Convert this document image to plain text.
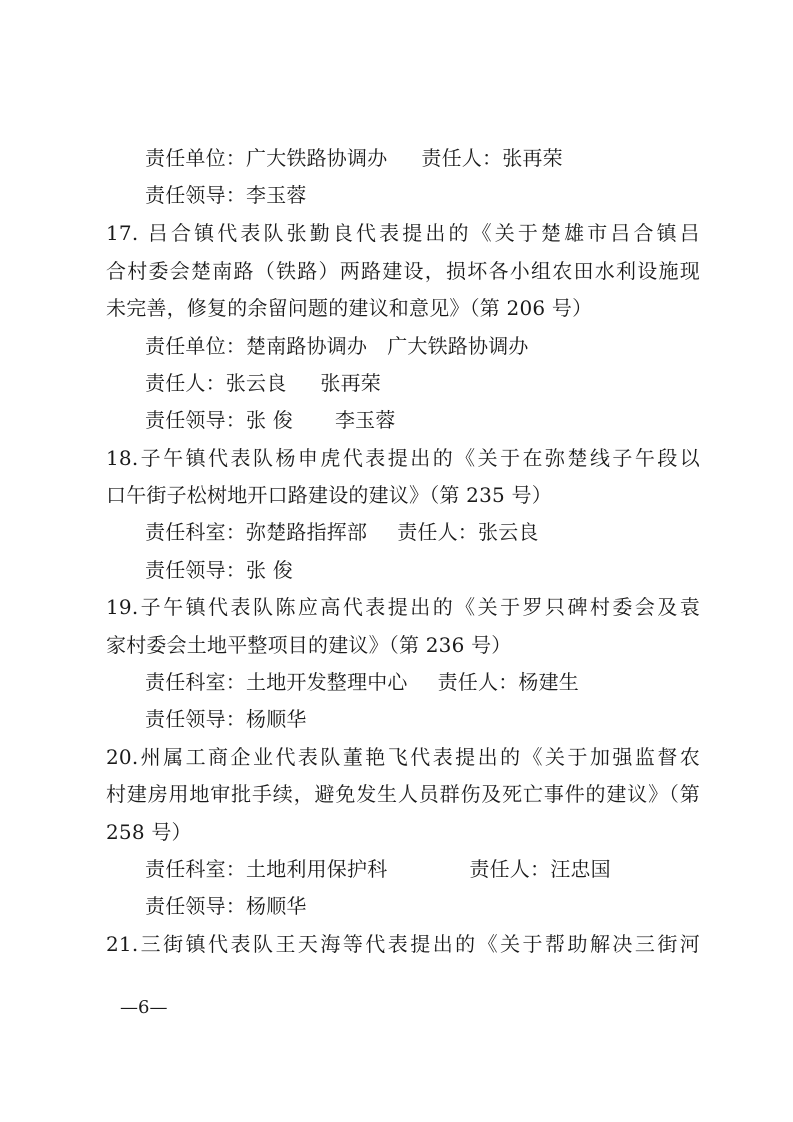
责任单位：广大铁路协调办 责任人：张再荣
责任领导：李玉蓉
17. 吕合镇代表队张勤良代表提出的《关于楚雄市吕合镇吕
合村委会楚南路（铁路）两路建设，损坏各小组农田水利设施现
未完善，修复的余留问题的建议和意见》（第 206 号）
责任单位：楚南路协调办 广大铁路协调办
责任人：张云良 张再荣
责任领导：张 俊 李玉蓉
18.子午镇代表队杨申虎代表提出的《关于在弥楚线子午段以
口午街子松树地开口路建设的建议》（第 235 号）
责任科室：弥楚路指挥部 责任人：张云良
责任领导：张 俊
19.子午镇代表队陈应高代表提出的《关于罗只碑村委会及袁
家村委会土地平整项目的建议》（第 236 号）
责任科室：土地开发整理中心 责任人：杨建生
责任领导：杨顺华
20.州属工商企业代表队董艳飞代表提出的《关于加强监督农
村建房用地审批手续，避免发生人员群伤及死亡事件的建议》（第
258 号）
责任科室：土地利用保护科	责任人：汪忠国
责任领导：杨顺华
21.三街镇代表队王天海等代表提出的《关于帮助解决三街河
—6—
